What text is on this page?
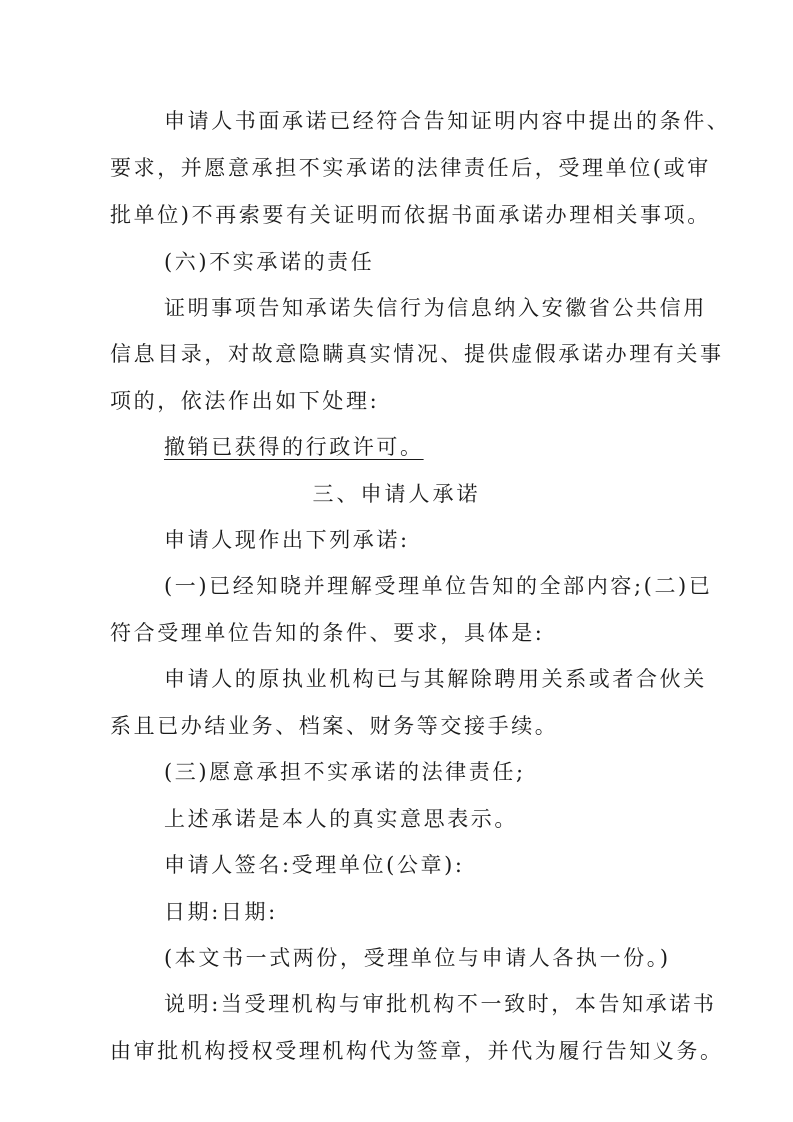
申请人书面承诺已经符合告知证明内容中提出的条件、
要求，并愿意承担不实承诺的法律责任后，受理单位(或审
批单位)不再索要有关证明而依据书面承诺办理相关事项。
(六)不实承诺的责任
证明事项告知承诺失信行为信息纳入安徽省公共信用
信息目录，对故意隐瞒真实情况、提供虚假承诺办理有关事
项的，依法作出如下处理:
撤销已获得的行政许可。
三、申请人承诺
申请人现作出下列承诺:
(一)已经知晓并理解受理单位告知的全部内容;(二)已
符合受理单位告知的条件、要求，具体是:
申请人的原执业机构已与其解除聘用关系或者合伙关
系且已办结业务、档案、财务等交接手续。
(三)愿意承担不实承诺的法律责任;
上述承诺是本人的真实意思表示。
申请人签名:受理单位(公章):
日期:日期:
(本文书一式两份，受理单位与申请人各执一份。)
说明:当受理机构与审批机构不一致时，本告知承诺书
由审批机构授权受理机构代为签章，并代为履行告知义务。
